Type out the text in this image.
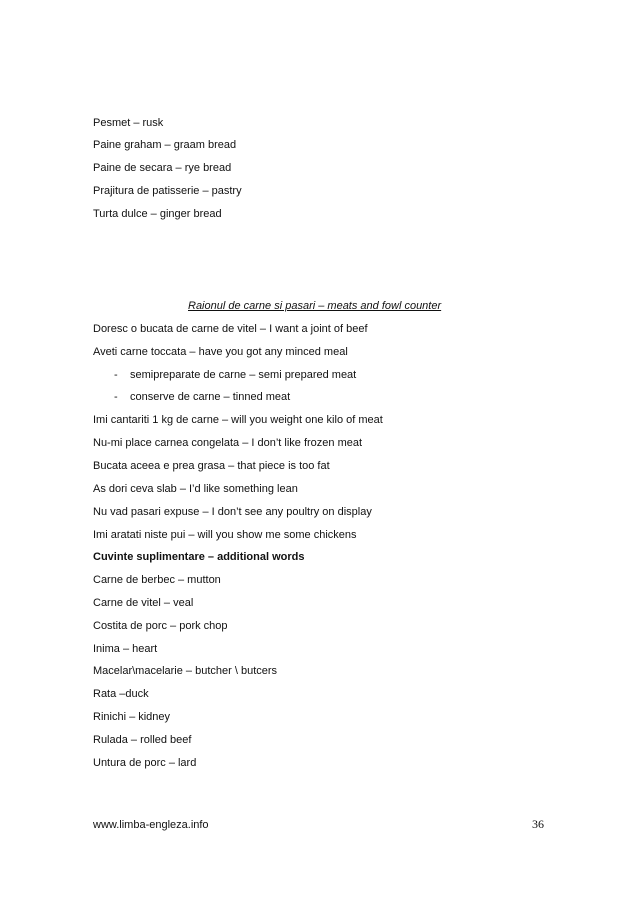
Pesmet – rusk
Paine graham – graam bread
Paine de secara – rye bread
Prajitura de patisserie – pastry
Turta dulce – ginger bread
Raionul de carne si pasari – meats and fowl counter
Doresc o bucata de carne de vitel – I want a joint of beef
Aveti carne toccata – have you got any minced meal
- semipreparate de carne – semi prepared meat
- conserve de carne – tinned meat
Imi cantariti 1 kg de carne – will you weight one kilo of meat
Nu-mi place carnea congelata – I don’t like frozen meat
Bucata aceea e prea grasa – that piece is too fat
As dori ceva slab – I’d like something lean
Nu vad pasari expuse – I don’t see any poultry on display
Imi aratati niste pui – will you show me some chickens
Cuvinte suplimentare – additional words
Carne de berbec – mutton
Carne de vitel – veal
Costita de porc – pork chop
Inima – heart
Macelar\macelarie – butcher \ butcers
Rata –duck
Rinichi – kidney
Rulada – rolled beef
Untura de porc – lard
www.limba-engleza.info	36
